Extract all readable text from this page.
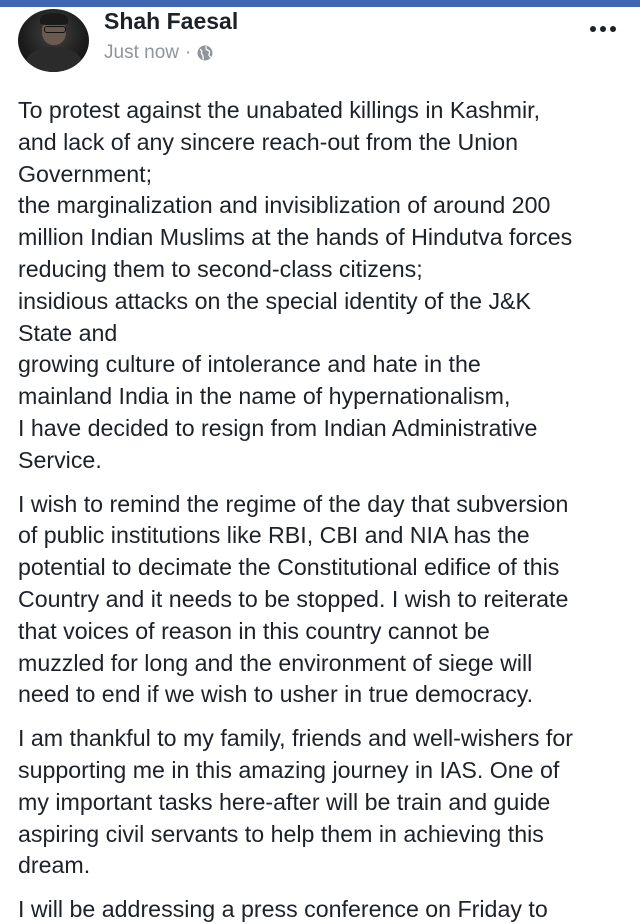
Shah Faesal
Just now ·

To protest against the unabated killings in Kashmir,
and lack of any sincere reach-out from the Union
Government;
the marginalization and invisiblization of around 200
million Indian Muslims at the hands of Hindutva forces
reducing them to second-class citizens;
insidious attacks on the special identity of the J&K
State and
growing culture of intolerance and hate in the
mainland India in the name of hypernationalism,
I have decided to resign from Indian Administrative
Service.

I wish to remind the regime of the day that subversion
of public institutions like RBI, CBI and NIA has the
potential to decimate the Constitutional edifice of this
Country and it needs to be stopped. I wish to reiterate
that voices of reason in this country cannot be
muzzled for long and the environment of siege will
need to end if we wish to usher in true democracy.

I am thankful to my family, friends and well-wishers for
supporting me in this amazing journey in IAS. One of
my important tasks here-after will be train and guide
aspiring civil servants to help them in achieving this
dream.

I will be addressing a press conference on Friday to
